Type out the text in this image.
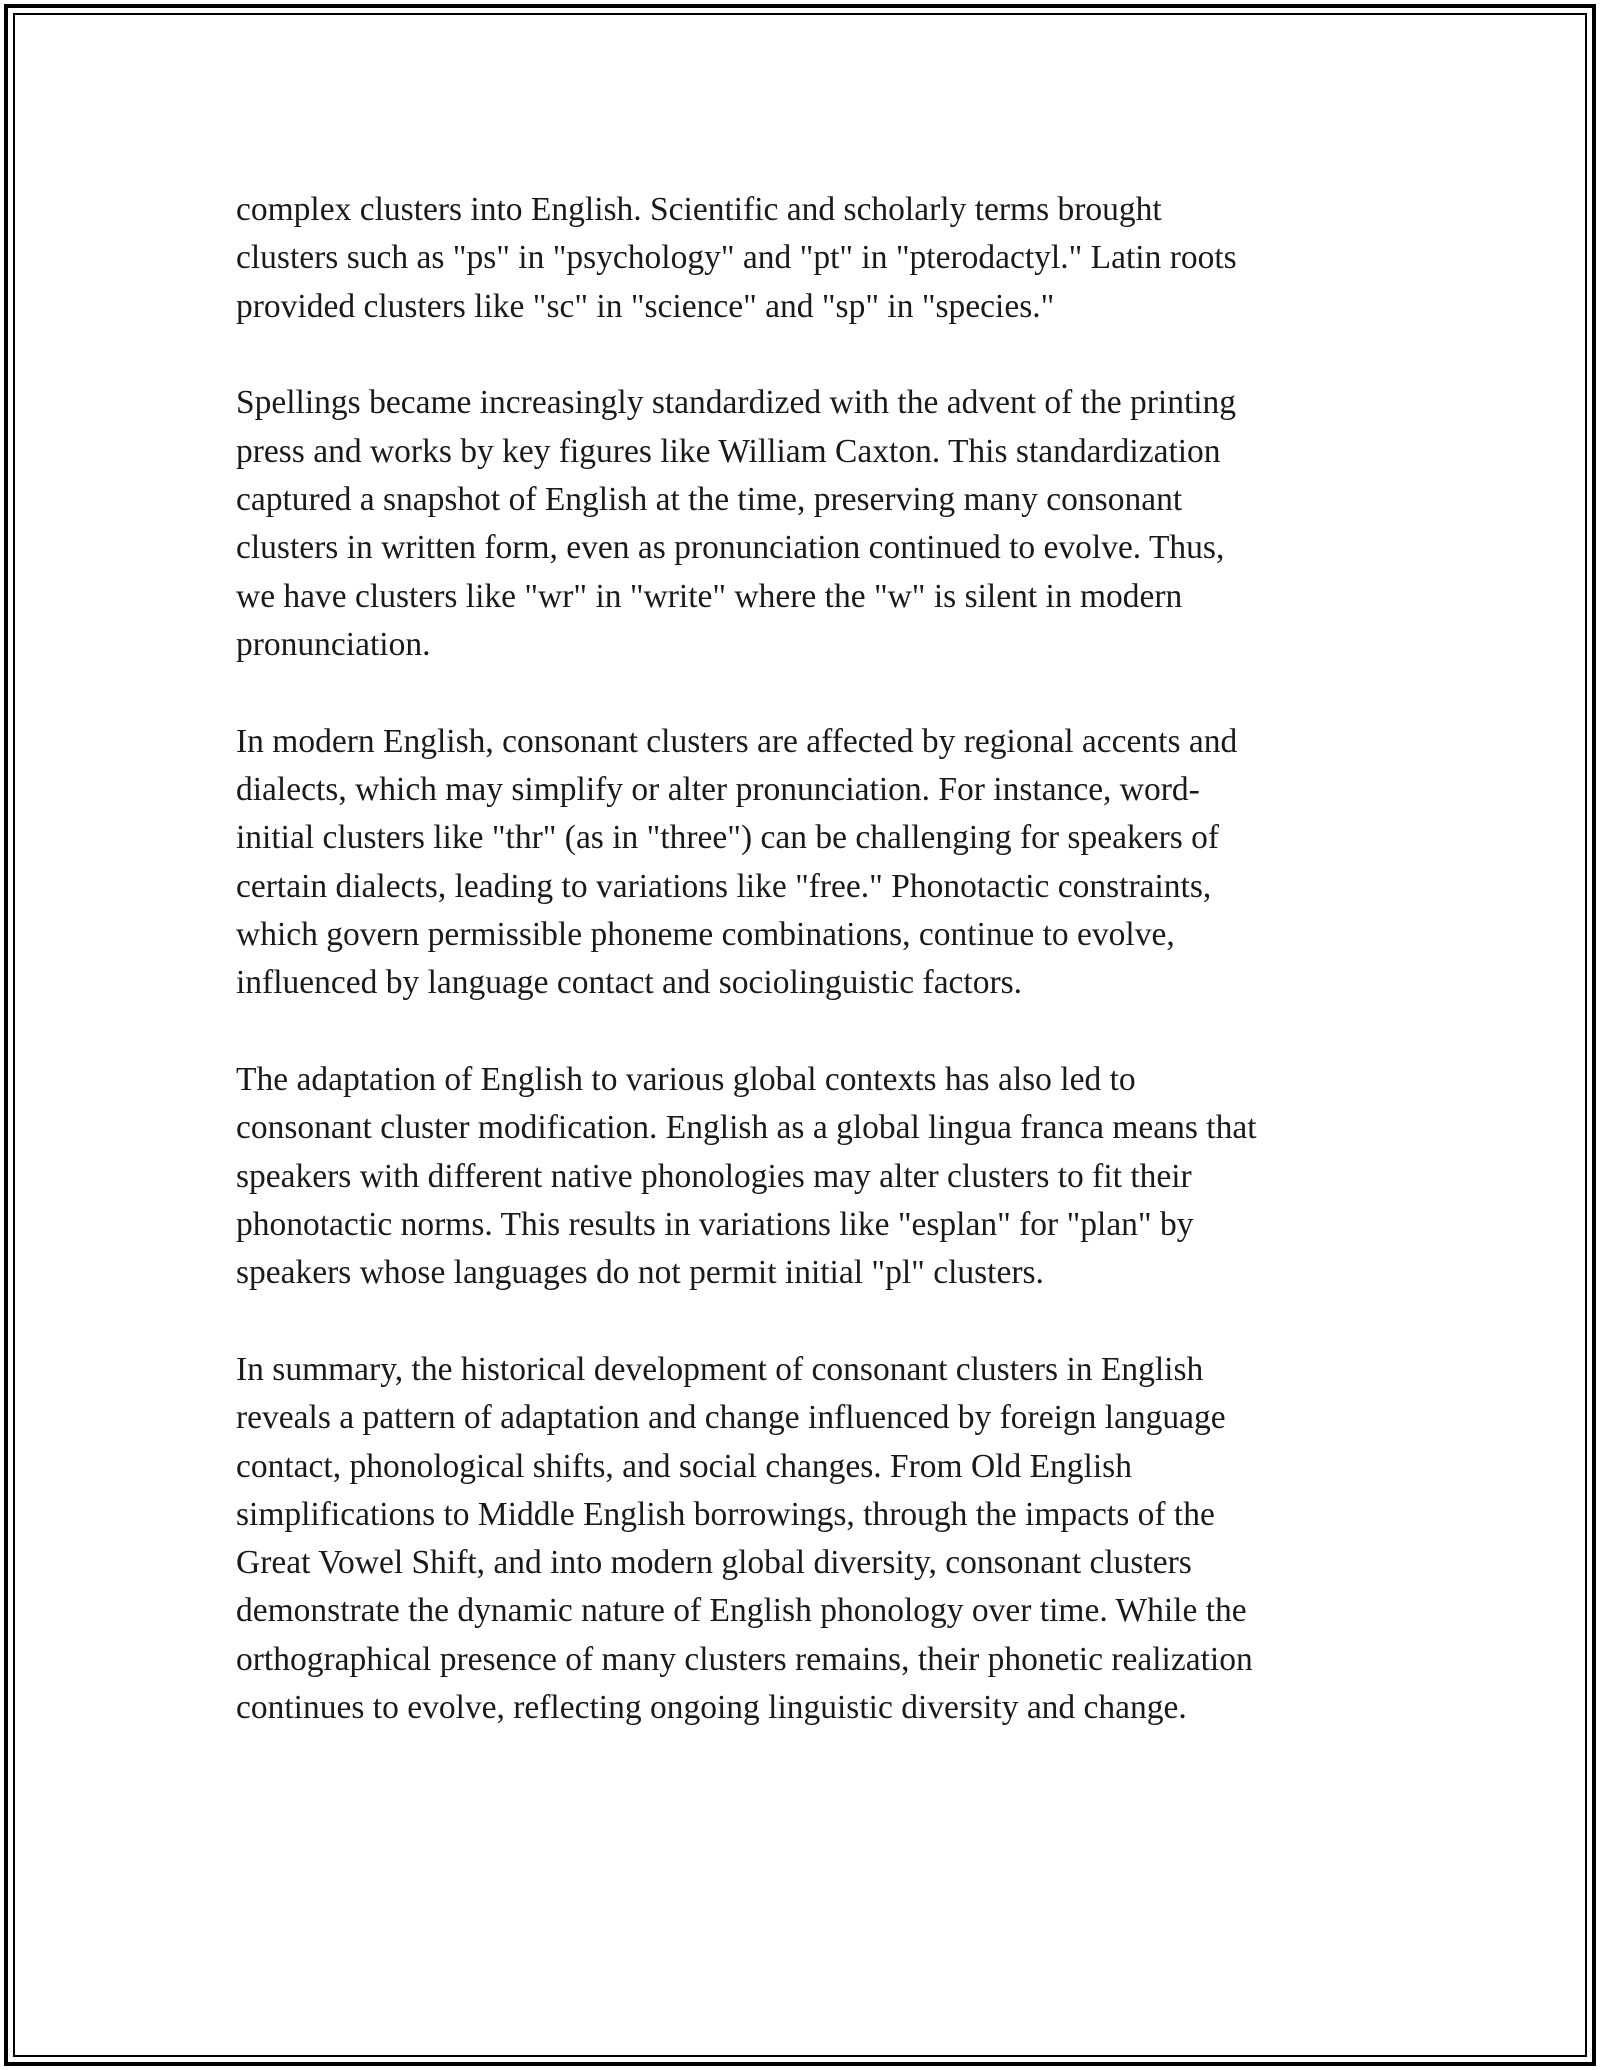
complex clusters into English. Scientific and scholarly terms brought
clusters such as "ps" in "psychology" and "pt" in "pterodactyl." Latin roots
provided clusters like "sc" in "science" and "sp" in "species."

Spellings became increasingly standardized with the advent of the printing
press and works by key figures like William Caxton. This standardization
captured a snapshot of English at the time, preserving many consonant
clusters in written form, even as pronunciation continued to evolve. Thus,
we have clusters like "wr" in "write" where the "w" is silent in modern
pronunciation.

In modern English, consonant clusters are affected by regional accents and
dialects, which may simplify or alter pronunciation. For instance, word-
initial clusters like "thr" (as in "three") can be challenging for speakers of
certain dialects, leading to variations like "free." Phonotactic constraints,
which govern permissible phoneme combinations, continue to evolve,
influenced by language contact and sociolinguistic factors.

The adaptation of English to various global contexts has also led to
consonant cluster modification. English as a global lingua franca means that
speakers with different native phonologies may alter clusters to fit their
phonotactic norms. This results in variations like "esplan" for "plan" by
speakers whose languages do not permit initial "pl" clusters.

In summary, the historical development of consonant clusters in English
reveals a pattern of adaptation and change influenced by foreign language
contact, phonological shifts, and social changes. From Old English
simplifications to Middle English borrowings, through the impacts of the
Great Vowel Shift, and into modern global diversity, consonant clusters
demonstrate the dynamic nature of English phonology over time. While the
orthographical presence of many clusters remains, their phonetic realization
continues to evolve, reflecting ongoing linguistic diversity and change.
